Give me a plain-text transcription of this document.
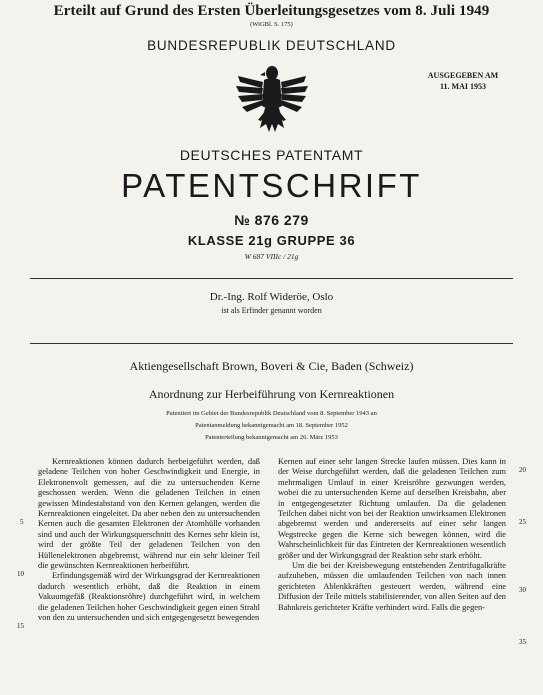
Erteilt auf Grund des Ersten Überleitungsgesetzes vom 8. Juli 1949
(WiGBl. S. 175)
BUNDESREPUBLIK DEUTSCHLAND
AUSGEGEBEN AM
11. MAI 1953
DEUTSCHES PATENTAMT
PATENTSCHRIFT
№ 876 279
KLASSE 21g GRUPPE 36
W 687 VIIIc / 21g
Dr.-Ing. Rolf Wideröe, Oslo
ist als Erfinder genannt worden
Aktiengesellschaft Brown, Boveri & Cie, Baden (Schweiz)
Anordnung zur Herbeiführung von Kernreaktionen
Patentiert im Gebiet der Bundesrepublik Deutschland vom 8. September 1943 an
Patentanmeldung bekanntgemacht am 18. September 1952
Patenterteilung bekanntgemacht am 26. März 1953

Kernreaktionen können dadurch herbeigeführt werden, daß geladene Teilchen von hoher Geschwindigkeit und Energie, in Elektronenvolt gemessen, auf die zu untersuchenden Kerne geschossen werden. Wenn die geladenen Teilchen in einen gewissen Mindestabstand von den Kernen gelangen, werden die Kernreaktionen eingeleitet. Da aber neben den zu untersuchenden Kernen auch die gesamten Elektronen der Atomhülle vorhanden sind und auch der Wirkungsquerschnitt des Kernes sehr klein ist, wird der größte Teil der geladenen Teilchen von den Hüllenelektronen abgebremst, während nur ein sehr kleiner Teil die gewünschten Kernreaktionen herbeiführt.

Erfindungsgemäß wird der Wirkungsgrad der Kernreaktionen dadurch wesentlich erhöht, daß die Reaktion in einem Vakuumgefäß (Reaktionsröhre) durchgeführt wird, in welchem die geladenen Teilchen hoher Geschwindigkeit gegen einen Strahl von den zu untersuchenden und sich entgegengesetzt bewegenden

Kernen auf einer sehr langen Strecke laufen müssen. Dies kann in der Weise durchgeführt werden, daß die geladenen Teilchen zum mehrmaligen Umlauf in einer Kreisröhre gezwungen werden, wobei die zu untersuchenden Kerne auf derselben Kreisbahn, aber in entgegengesetzter Richtung umlaufen. Da die geladenen Teilchen dabei nicht von bei der Reaktion unwirksamen Elektronen abgebremst werden und andererseits auf einer sehr langen Wegstrecke gegen die Kerne sich bewegen können, wird die Wahrscheinlichkeit für das Eintreten der Kernreaktionen wesentlich größer und der Wirkungsgrad der Reaktion sehr stark erhöht.

Um die bei der Kreisbewegung entstehenden Zentrifugalkräfte aufzuheben, müssen die umlaufenden Teilchen von nach innen gerichteten Ablenkkräften gesteuert werden, während eine Diffusion der Teile mittels stabilisierender, von allen Seiten auf den Bahnkreis gerichteter Kräfte verhindert wird. Falls die gegen-

5
10
15
20
25
30
35
